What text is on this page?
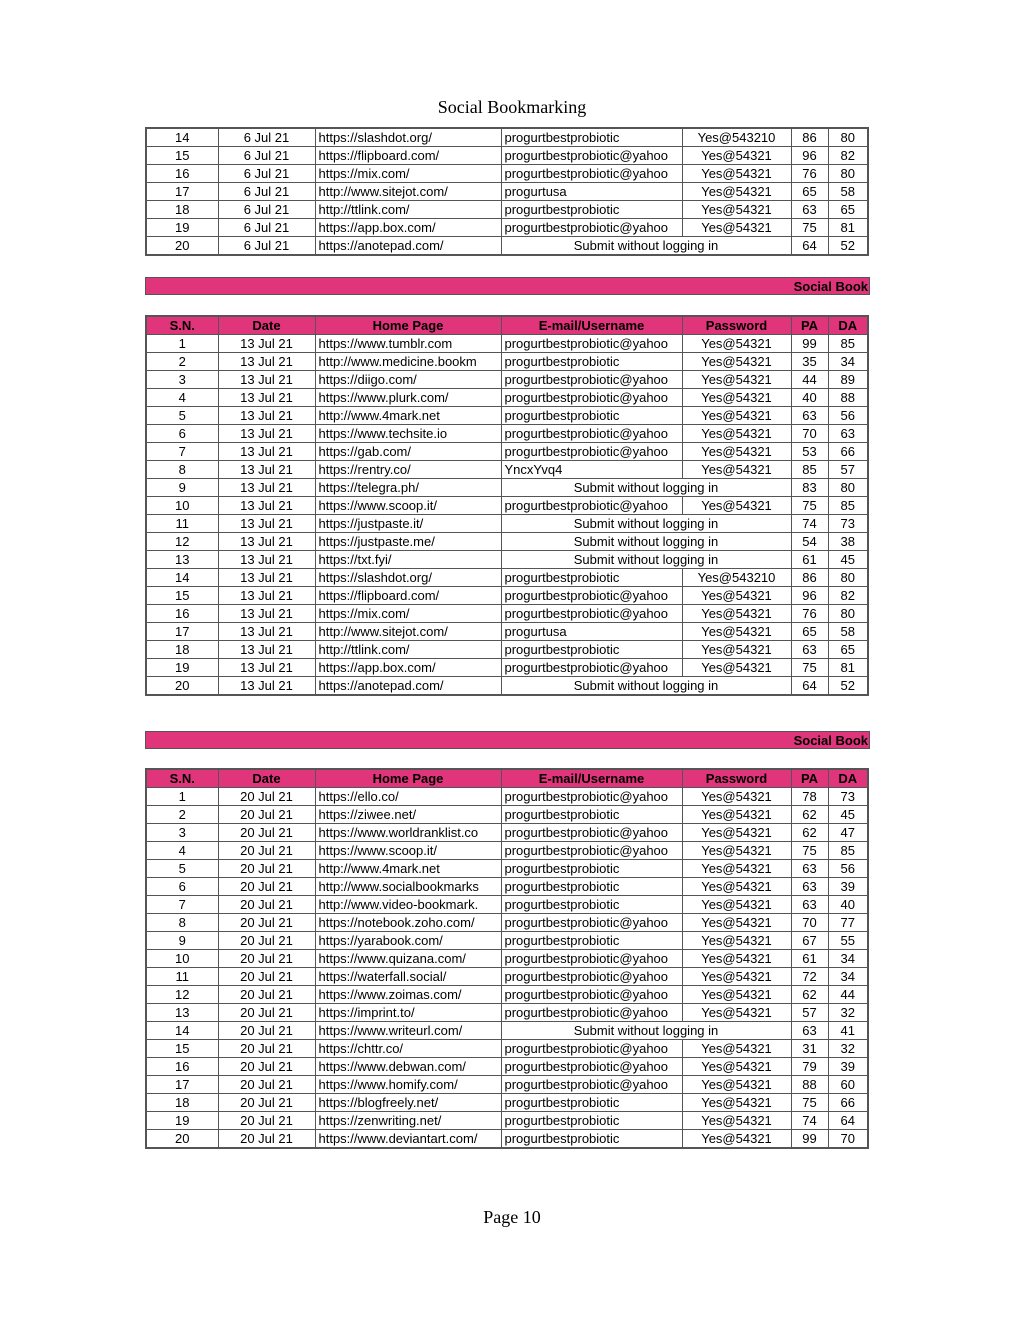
Social Bookmarking
14	6 Jul 21	https://slashdot.org/	progurtbestprobiotic	Yes@543210	86	80
15	6 Jul 21	https://flipboard.com/	progurtbestprobiotic@yahoo	Yes@54321	96	82
16	6 Jul 21	https://mix.com/	progurtbestprobiotic@yahoo	Yes@54321	76	80
17	6 Jul 21	http://www.sitejot.com/	progurtusa	Yes@54321	65	58
18	6 Jul 21	http://ttlink.com/	progurtbestprobiotic	Yes@54321	63	65
19	6 Jul 21	https://app.box.com/	progurtbestprobiotic@yahoo	Yes@54321	75	81
20	6 Jul 21	https://anotepad.com/	Submit without logging in		64	52
Social Book
S.N.	Date	Home Page	E-mail/Username	Password	PA	DA
1	13 Jul 21	https://www.tumblr.com	progurtbestprobiotic@yahoo	Yes@54321	99	85
2	13 Jul 21	http://www.medicine.bookm	progurtbestprobiotic	Yes@54321	35	34
3	13 Jul 21	https://diigo.com/	progurtbestprobiotic@yahoo	Yes@54321	44	89
4	13 Jul 21	https://www.plurk.com/	progurtbestprobiotic@yahoo	Yes@54321	40	88
5	13 Jul 21	http://www.4mark.net	progurtbestprobiotic	Yes@54321	63	56
6	13 Jul 21	https://www.techsite.io	progurtbestprobiotic@yahoo	Yes@54321	70	63
7	13 Jul 21	https://gab.com/	progurtbestprobiotic@yahoo	Yes@54321	53	66
8	13 Jul 21	https://rentry.co/	YncxYvq4	Yes@54321	85	57
9	13 Jul 21	https://telegra.ph/	Submit without logging in		83	80
10	13 Jul 21	https://www.scoop.it/	progurtbestprobiotic@yahoo	Yes@54321	75	85
11	13 Jul 21	https://justpaste.it/	Submit without logging in		74	73
12	13 Jul 21	https://justpaste.me/	Submit without logging in		54	38
13	13 Jul 21	https://txt.fyi/	Submit without logging in		61	45
14	13 Jul 21	https://slashdot.org/	progurtbestprobiotic	Yes@543210	86	80
15	13 Jul 21	https://flipboard.com/	progurtbestprobiotic@yahoo	Yes@54321	96	82
16	13 Jul 21	https://mix.com/	progurtbestprobiotic@yahoo	Yes@54321	76	80
17	13 Jul 21	http://www.sitejot.com/	progurtusa	Yes@54321	65	58
18	13 Jul 21	http://ttlink.com/	progurtbestprobiotic	Yes@54321	63	65
19	13 Jul 21	https://app.box.com/	progurtbestprobiotic@yahoo	Yes@54321	75	81
20	13 Jul 21	https://anotepad.com/	Submit without logging in		64	52
Social Book
S.N.	Date	Home Page	E-mail/Username	Password	PA	DA
1	20 Jul 21	https://ello.co/	progurtbestprobiotic@yahoo	Yes@54321	78	73
2	20 Jul 21	https://ziwee.net/	progurtbestprobiotic	Yes@54321	62	45
3	20 Jul 21	https://www.worldranklist.co	progurtbestprobiotic@yahoo	Yes@54321	62	47
4	20 Jul 21	https://www.scoop.it/	progurtbestprobiotic@yahoo	Yes@54321	75	85
5	20 Jul 21	http://www.4mark.net	progurtbestprobiotic	Yes@54321	63	56
6	20 Jul 21	http://www.socialbookmarks	progurtbestprobiotic	Yes@54321	63	39
7	20 Jul 21	http://www.video-bookmark.	progurtbestprobiotic	Yes@54321	63	40
8	20 Jul 21	https://notebook.zoho.com/	progurtbestprobiotic@yahoo	Yes@54321	70	77
9	20 Jul 21	https://yarabook.com/	progurtbestprobiotic	Yes@54321	67	55
10	20 Jul 21	https://www.quizana.com/	progurtbestprobiotic@yahoo	Yes@54321	61	34
11	20 Jul 21	https://waterfall.social/	progurtbestprobiotic@yahoo	Yes@54321	72	34
12	20 Jul 21	https://www.zoimas.com/	progurtbestprobiotic@yahoo	Yes@54321	62	44
13	20 Jul 21	https://imprint.to/	progurtbestprobiotic@yahoo	Yes@54321	57	32
14	20 Jul 21	https://www.writeurl.com/	Submit without logging in		63	41
15	20 Jul 21	https://chttr.co/	progurtbestprobiotic@yahoo	Yes@54321	31	32
16	20 Jul 21	https://www.debwan.com/	progurtbestprobiotic@yahoo	Yes@54321	79	39
17	20 Jul 21	https://www.homify.com/	progurtbestprobiotic@yahoo	Yes@54321	88	60
18	20 Jul 21	https://blogfreely.net/	progurtbestprobiotic	Yes@54321	75	66
19	20 Jul 21	https://zenwriting.net/	progurtbestprobiotic	Yes@54321	74	64
20	20 Jul 21	https://www.deviantart.com/	progurtbestprobiotic	Yes@54321	99	70
Page 10
